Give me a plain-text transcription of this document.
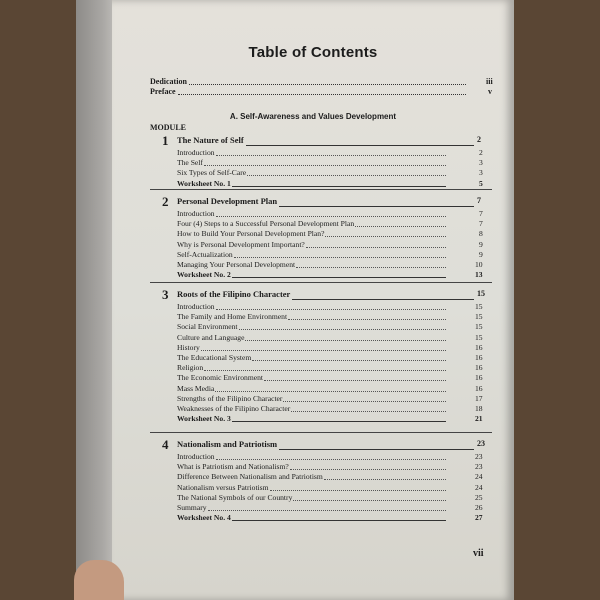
Table of Contents
Dedication	iii
Preface	v
A. Self-Awareness and Values Development
MODULE
1 The Nature of Self	2
Introduction	2
The Self	3
Six Types of Self-Care	3
Worksheet No. 1	5
2 Personal Development Plan	7
Introduction	7
Four (4) Steps to a Successful Personal Development Plan	7
How to Build Your Personal Development Plan?	8
Why is Personal Development Important?	9
Self-Actualization	9
Managing Your Personal Development	10
Worksheet No. 2	13
3 Roots of the Filipino Character	15
Introduction	15
The Family and Home Environment	15
Social Environment	15
Culture and Language	15
History	16
The Educational System	16
Religion	16
The Economic Environment	16
Mass Media	16
Strengths of the Filipino Character	17
Weaknesses of the Filipino Character	18
Worksheet No. 3	21
4 Nationalism and Patriotism	23
Introduction	23
What is Patriotism and Nationalism?	23
Difference Between Nationalism and Patriotism	24
Nationalism versus Patriotism	24
The National Symbols of our Country	25
Summary	26
Worksheet No. 4	27
vii
